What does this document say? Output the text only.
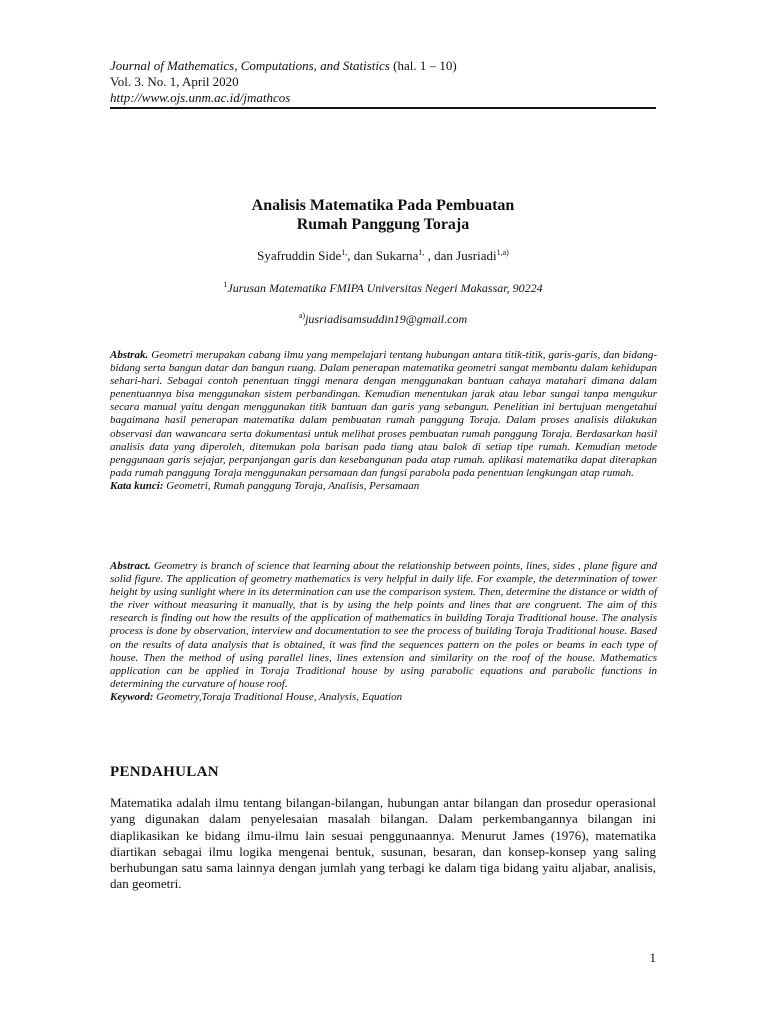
Journal of Mathematics, Computations, and Statistics (hal. 1 – 10)
Vol. 3. No. 1, April 2020
http://www.ojs.unm.ac.id/jmathcos
Analisis Matematika Pada Pembuatan
Rumah Panggung Toraja
Syafruddin Side$^{1,}$, dan Sukarna$^{1,}$ , dan Jusriadi$^{1,a)}$
$^1$Jurusan Matematika FMIPA Universitas Negeri Makassar, 90224
$^{a)}$jusriadisamsuddin19@gmail.com
Abstrak. Geometri merupakan cabang ilmu yang mempelajari tentang hubungan antara titik-titik, garis-garis, dan bidang-bidang serta bangun datar dan bangun ruang. Dalam penerapan matematika geometri sangat membantu dalam kehidupan sehari-hari. Sebagai contoh penentuan tinggi menara dengan menggunakan bantuan cahaya matahari dimana dalam penentuannya bisa menggunakan sistem perbandingan. Kemudian menentukan jarak atau lebar sungai tanpa mengukur secara manual yaitu dengan menggunakan titik bantuan dan garis yang sebangun. Penelitian ini bertujuan mengetahui bagaimana hasil penerapan matematika dalam pembuatan rumah panggung Toraja. Dalam proses analisis dilakukan observasi dan wawancara serta dokumentasi untuk melihat proses pembuatan rumah panggung Toraja. Berdasarkan hasil analisis data yang diperoleh, ditemukan pola barisan pada tiang atau balok di setiap tipe rumah. Kemudian metode penggunaan garis sejajar, perpanjangan garis dan kesebangunan pada atap rumah. aplikasi matematika dapat diterapkan pada rumah panggung Toraja menggunakan persamaan dan fungsi parabola pada penentuan lengkungan atap rumah.
Kata kunci: Geometri, Rumah panggung Toraja, Analisis, Persamaan
Abstract. Geometry is branch of science that learning about the relationship between points, lines, sides , plane figure and solid figure. The application of geometry mathematics is very helpful in daily life. For example, the determination of tower height by using sunlight where in its determination can use the comparison system. Then, determine the distance or width of the river without measuring it manually, that is by using the help points and lines that are congruent. The aim of this research is finding out how the results of the application of mathematics in building Toraja Traditional house. The analysis process is done by observation, interview and documentation to see the process of building Toraja Traditional house. Based on the results of data analysis that is obtained, it was find the sequences pattern on the poles or beams in each type of house. Then the method of using parallel lines, lines extension and similarity on the roof of the house. Mathematics application can be applied in Toraja Traditional house by using parabolic equations and parabolic functions in determining the curvature of house roof.
Keyword: Geometry,Toraja Traditional House, Analysis, Equation
PENDAHULAN
Matematika adalah ilmu tentang bilangan-bilangan, hubungan antar bilangan dan prosedur operasional yang digunakan dalam penyelesaian masalah bilangan. Dalam perkembangannya bilangan ini diaplikasikan ke bidang ilmu-ilmu lain sesuai penggunaannya. Menurut James (1976), matematika diartikan sebagai ilmu logika mengenai bentuk, susunan, besaran, dan konsep-konsep yang saling berhubungan satu sama lainnya dengan jumlah yang terbagi ke dalam tiga bidang yaitu aljabar, analisis, dan geometri.
1
